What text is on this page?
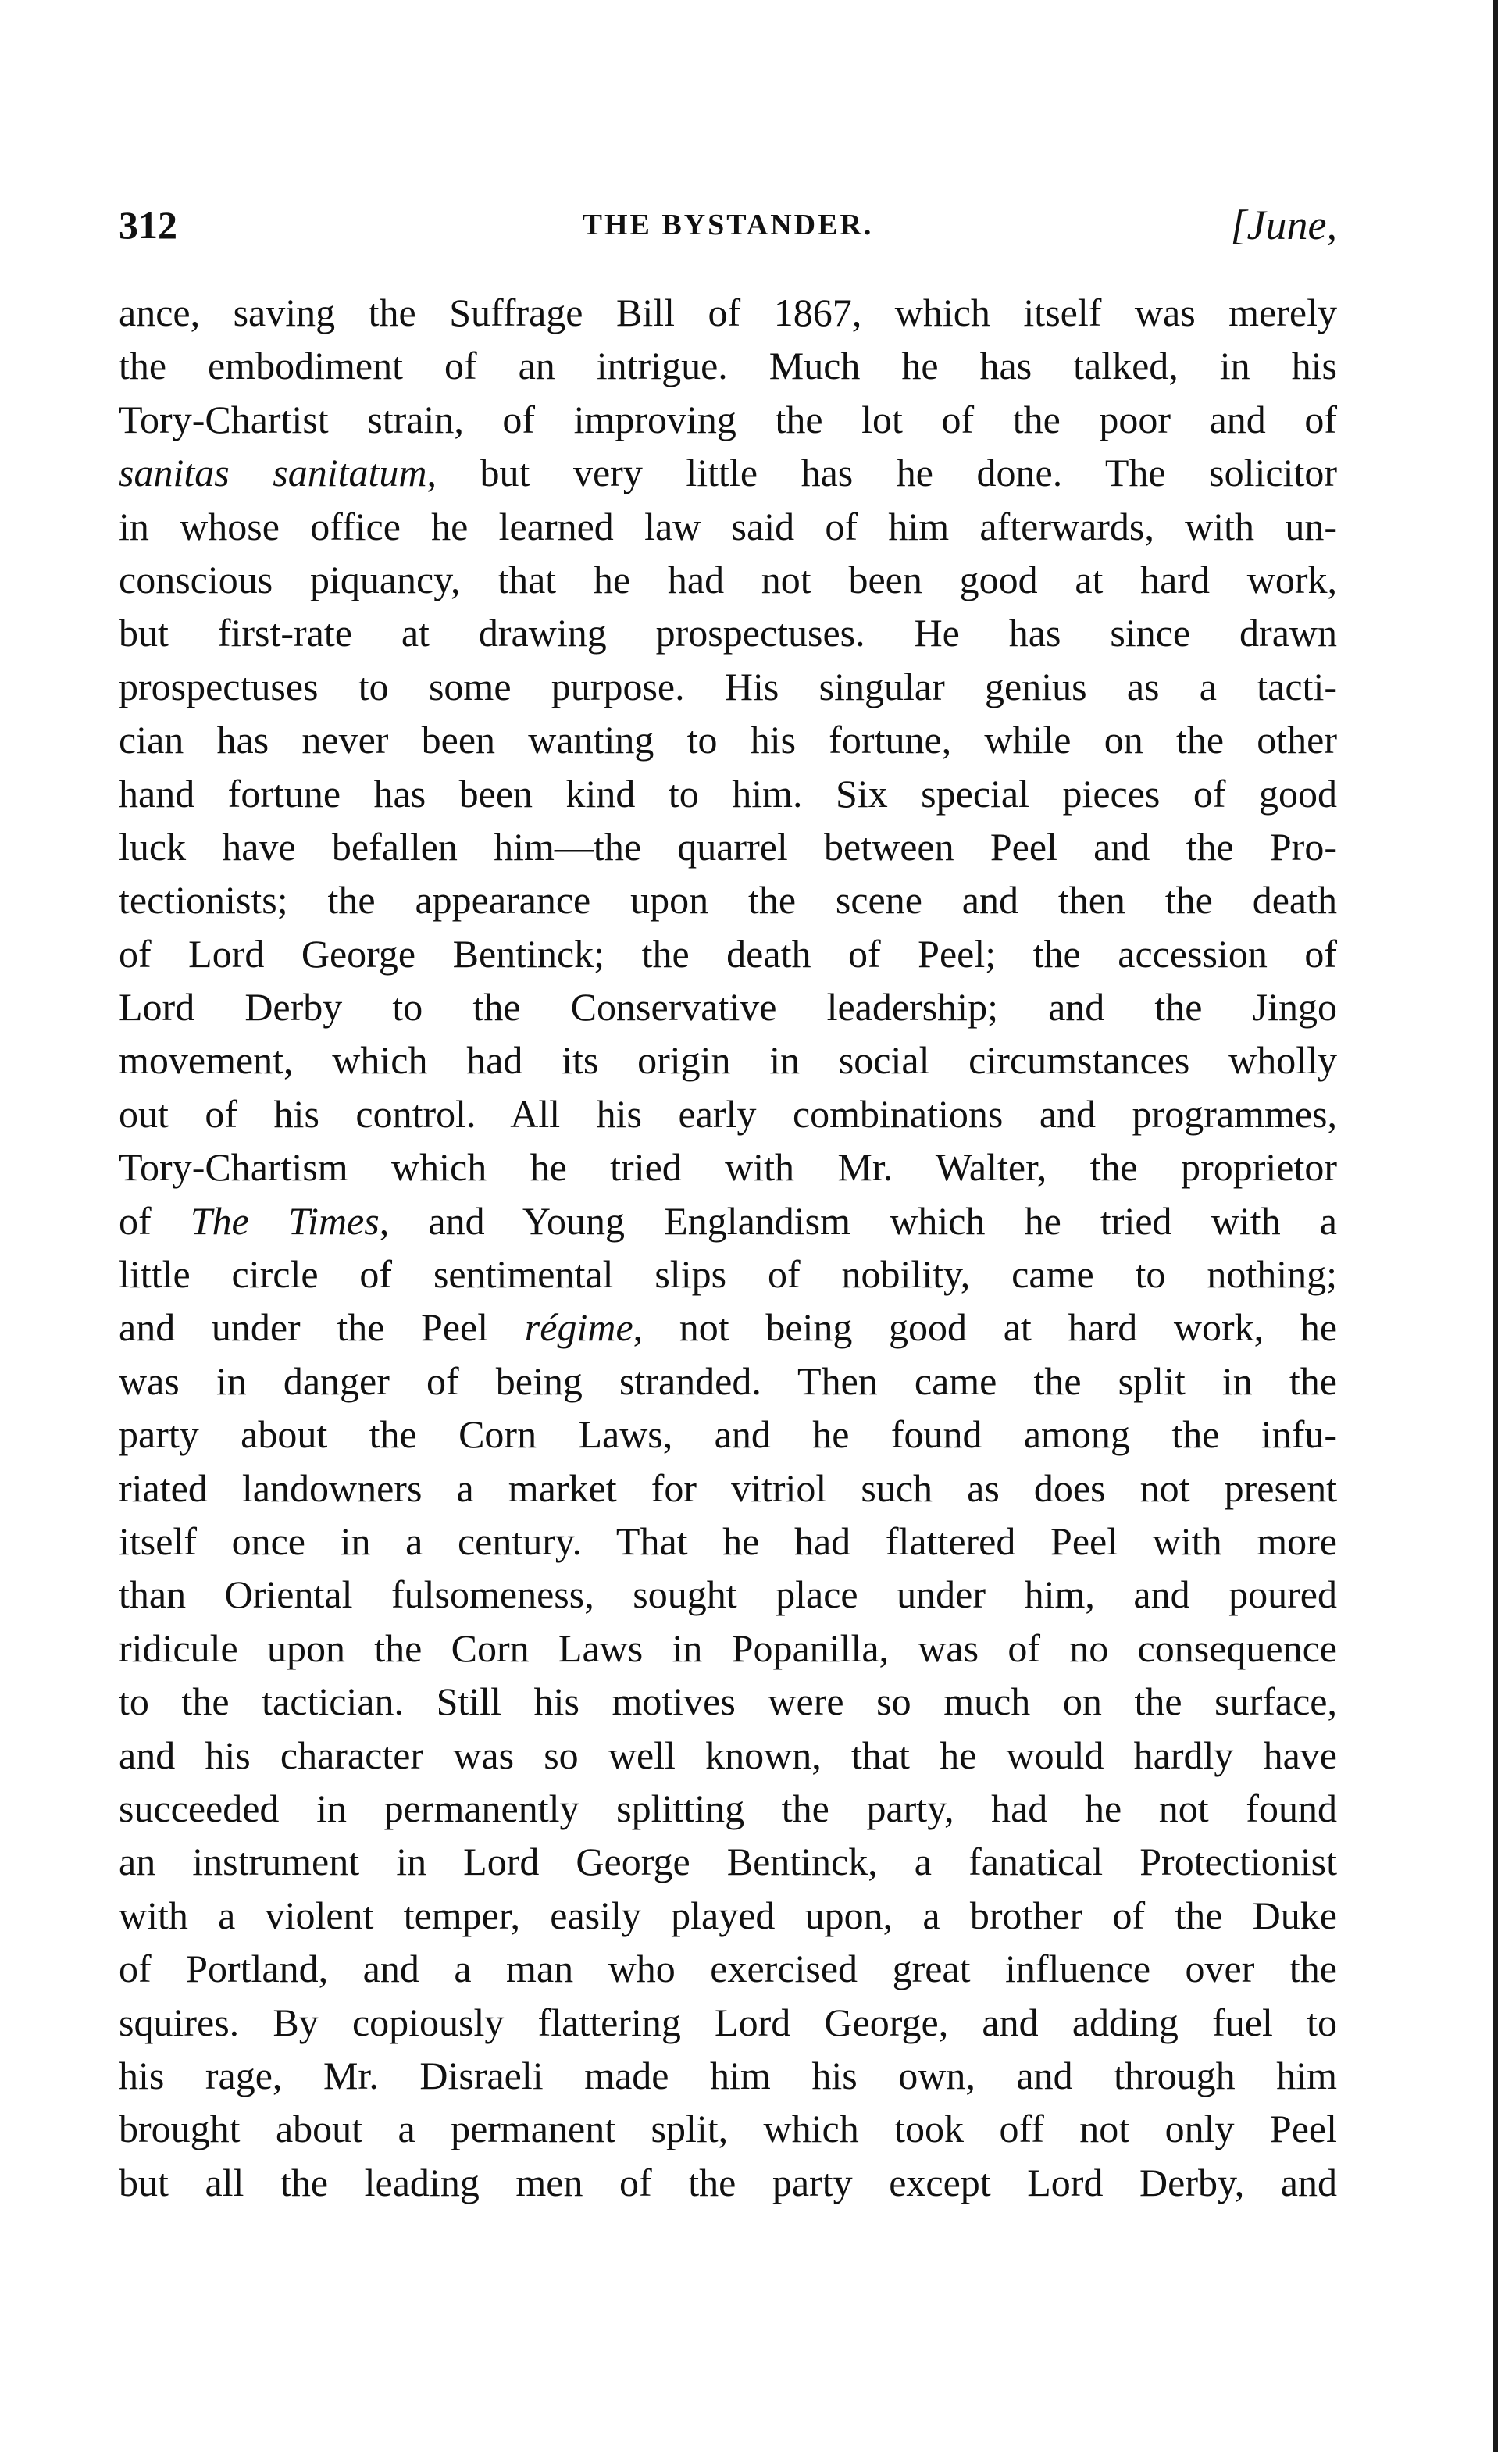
312	THE BYSTANDER.	[June,
ance, saving the Suffrage Bill of 1867, which itself was merely
the embodiment of an intrigue. Much he has talked, in his
Tory-Chartist strain, of improving the lot of the poor and of
sanitas sanitatum, but very little has he done. The solicitor
in whose office he learned law said of him afterwards, with un-
conscious piquancy, that he had not been good at hard work,
but first-rate at drawing prospectuses. He has since drawn
prospectuses to some purpose. His singular genius as a tacti-
cian has never been wanting to his fortune, while on the other
hand fortune has been kind to him. Six special pieces of good
luck have befallen him—the quarrel between Peel and the Pro-
tectionists; the appearance upon the scene and then the death
of Lord George Bentinck; the death of Peel; the accession of
Lord Derby to the Conservative leadership; and the Jingo
movement, which had its origin in social circumstances wholly
out of his control. All his early combinations and programmes,
Tory-Chartism which he tried with Mr. Walter, the proprietor
of The Times, and Young Englandism which he tried with a
little circle of sentimental slips of nobility, came to nothing;
and under the Peel régime, not being good at hard work, he
was in danger of being stranded. Then came the split in the
party about the Corn Laws, and he found among the infu-
riated landowners a market for vitriol such as does not present
itself once in a century. That he had flattered Peel with more
than Oriental fulsomeness, sought place under him, and poured
ridicule upon the Corn Laws in Popanilla, was of no consequence
to the tactician. Still his motives were so much on the surface,
and his character was so well known, that he would hardly have
succeeded in permanently splitting the party, had he not found
an instrument in Lord George Bentinck, a fanatical Protectionist
with a violent temper, easily played upon, a brother of the Duke
of Portland, and a man who exercised great influence over the
squires. By copiously flattering Lord George, and adding fuel to
his rage, Mr. Disraeli made him his own, and through him
brought about a permanent split, which took off not only Peel
but all the leading men of the party except Lord Derby, and
